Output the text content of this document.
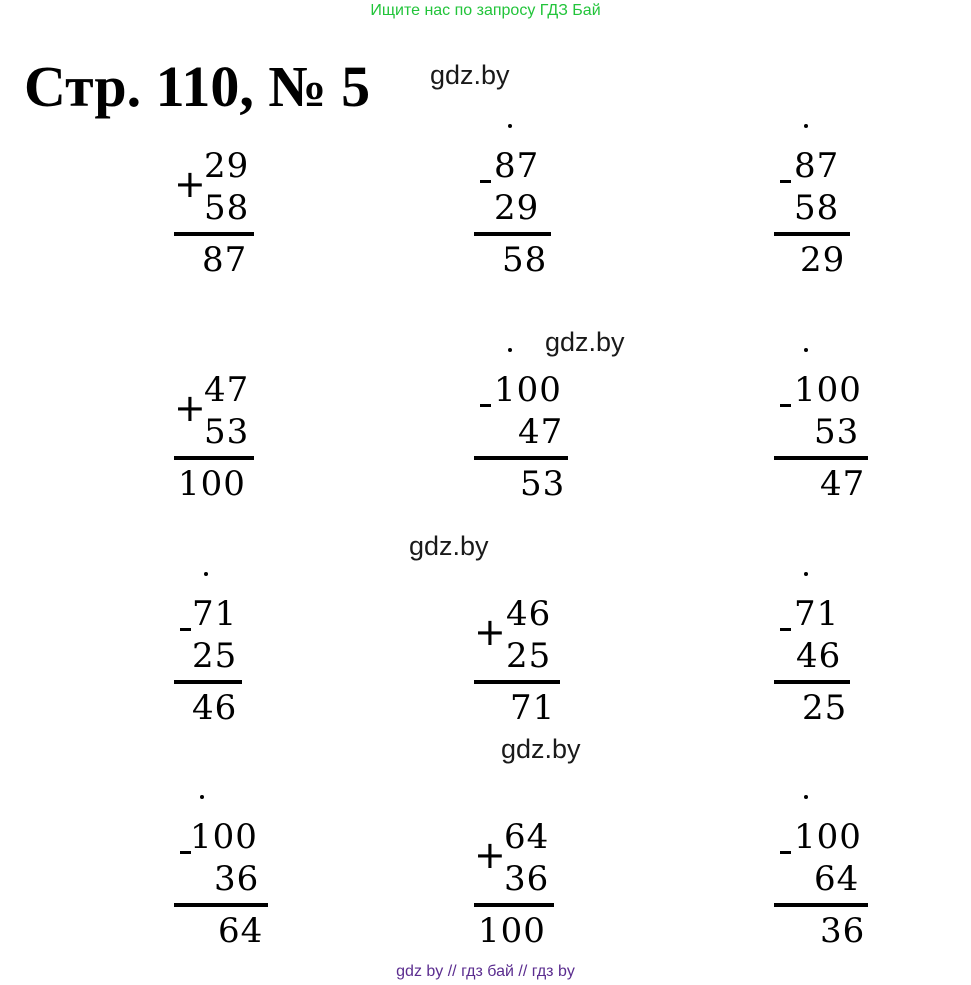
Ищите нас по запросу ГДЗ Бай
Стр. 110, № 5 gdz.by
gdz.by
gdz.by
gdz.by
+
29
58
87
87
29
58
87
58
29
+
47
53
100
100
47
53
100
53
47
71
25
46
+ 46
25
71
71
46
25
100
36
64
+
64
36
100
100
64
36
gdz by // гдз бай // гдз by
